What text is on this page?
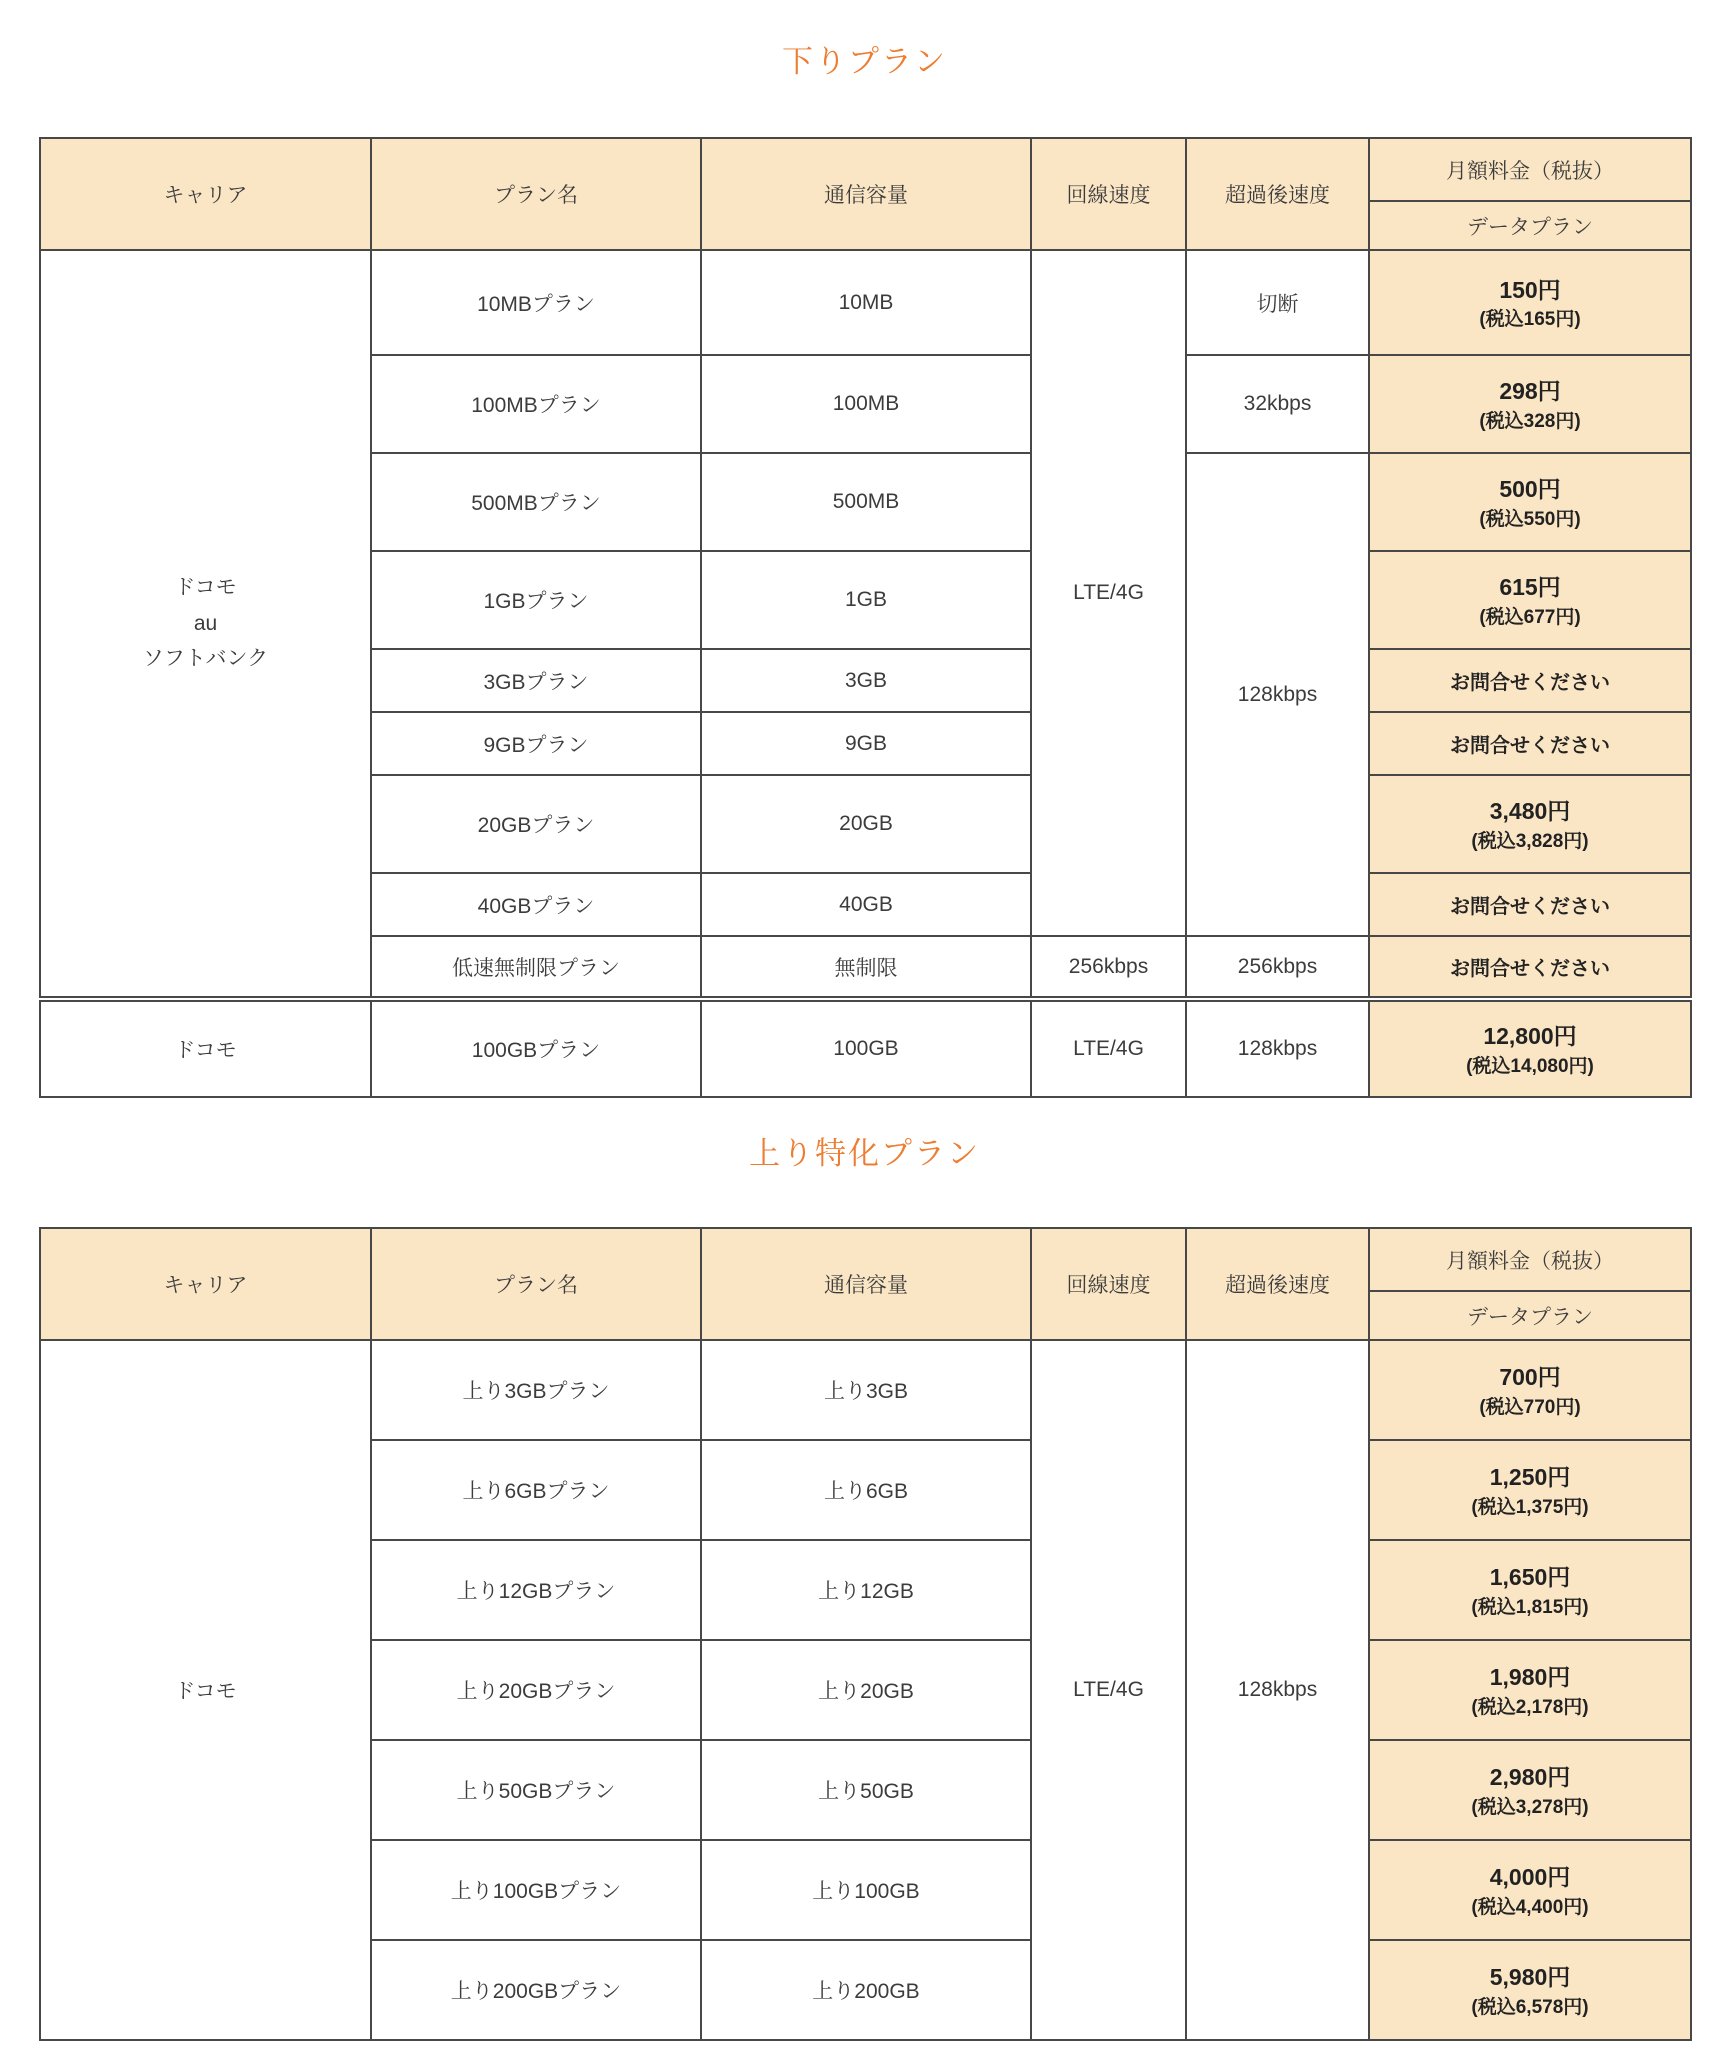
下りプラン
キャリア	プラン名	通信容量	回線速度	超過後速度	月額料金（税抜）
					データプラン

ドコモ
au
ソフトバンク
	10MBプラン	10MB	LTE/4G	切断	
150円
(税込165円)

	100MBプラン	100MB		32kbps	298円
(税込328円)

	500MBプラン	500MB		128kbps	500円
(税込550円)

	1GBプラン	1GB			615円
(税込677円)

	3GBプラン	3GB			お問合せください

	9GBプラン	9GB			お問合せください

	20GBプラン	20GB			3,480円
(税込3,828円)

	40GBプラン	40GB			お問合せください

	低速無制限プラン	無制限	256kbps	256kbps	お問合せください

ドコモ	100GBプラン	100GB	LTE/4G	128kbps	12,800円
(税込14,080円)
上り特化プラン
キャリア	プラン名	通信容量	回線速度	超過後速度	月額料金（税抜）
					データプラン
ドコモ	上り3GBプラン	上り3GB	LTE/4G	128kbps	700円
(税込770円)

	上り6GBプラン	上り6GB			1,250円
(税込1,375円)

	上り12GBプラン	上り12GB			1,650円
(税込1,815円)

	上り20GBプラン	上り20GB			1,980円
(税込2,178円)

	上り50GBプラン	上り50GB			2,980円
(税込3,278円)

	上り100GBプラン	上り100GB			4,000円
(税込4,400円)

	上り200GBプラン	上り200GB			5,980円
(税込6,578円)
